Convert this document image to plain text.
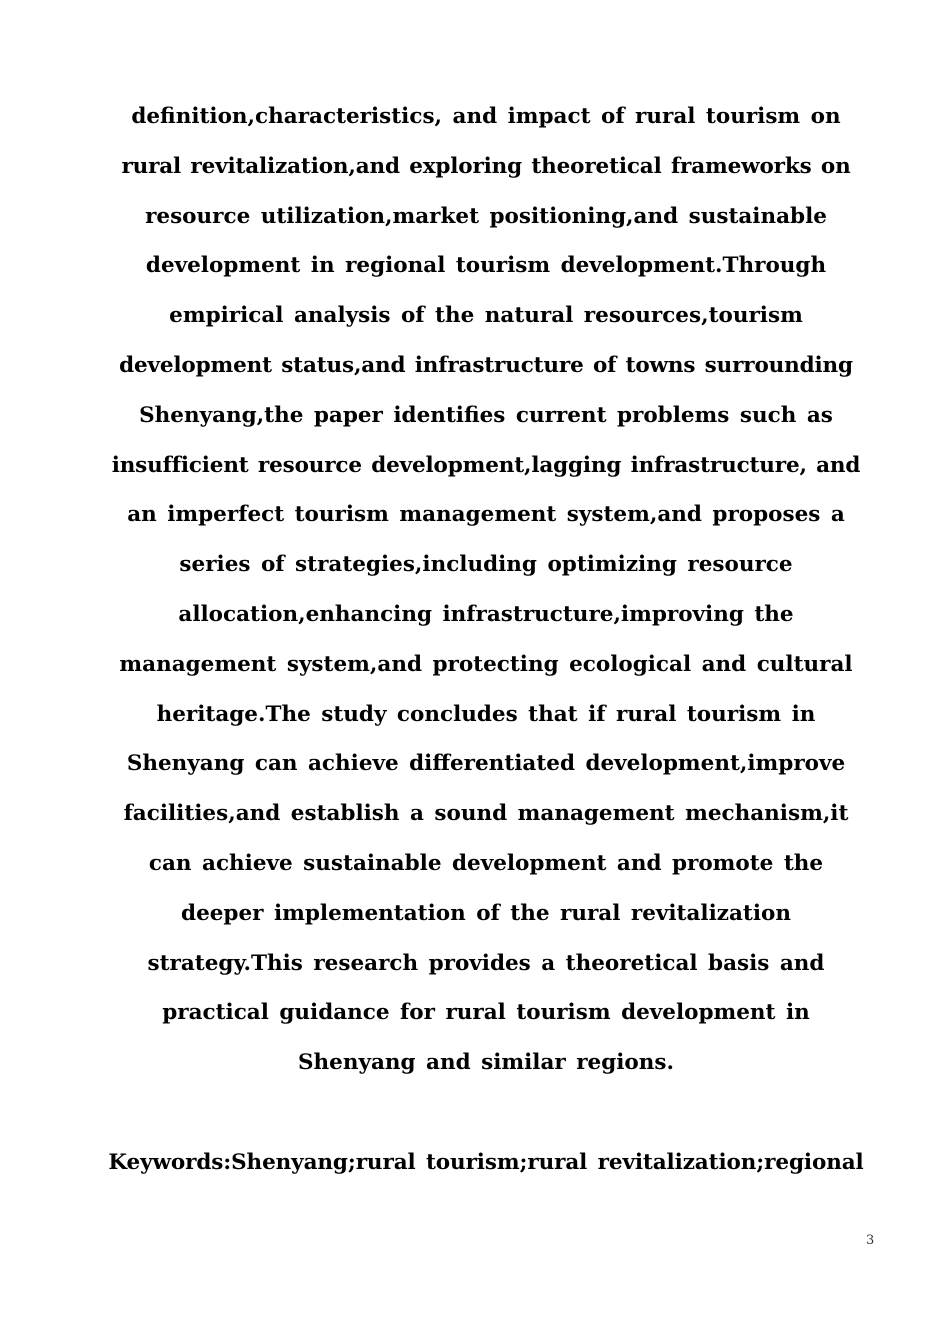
definition,characteristics, and impact of rural tourism on
rural revitalization,and exploring theoretical frameworks on
resource utilization,market positioning,and sustainable
development in regional tourism development.Through
empirical analysis of the natural resources,tourism
development status,and infrastructure of towns surrounding
Shenyang,the paper identifies current problems such as
insufficient resource development,lagging infrastructure, and
an imperfect tourism management system,and proposes a
series of strategies,including optimizing resource
allocation,enhancing infrastructure,improving the
management system,and protecting ecological and cultural
heritage.The study concludes that if rural tourism in
Shenyang can achieve differentiated development,improve
facilities,and establish a sound management mechanism,it
can achieve sustainable development and promote the
deeper implementation of the rural revitalization
strategy.This research provides a theoretical basis and
practical guidance for rural tourism development in
Shenyang and similar regions.
Keywords:Shenyang;rural tourism;rural revitalization;regional
3
